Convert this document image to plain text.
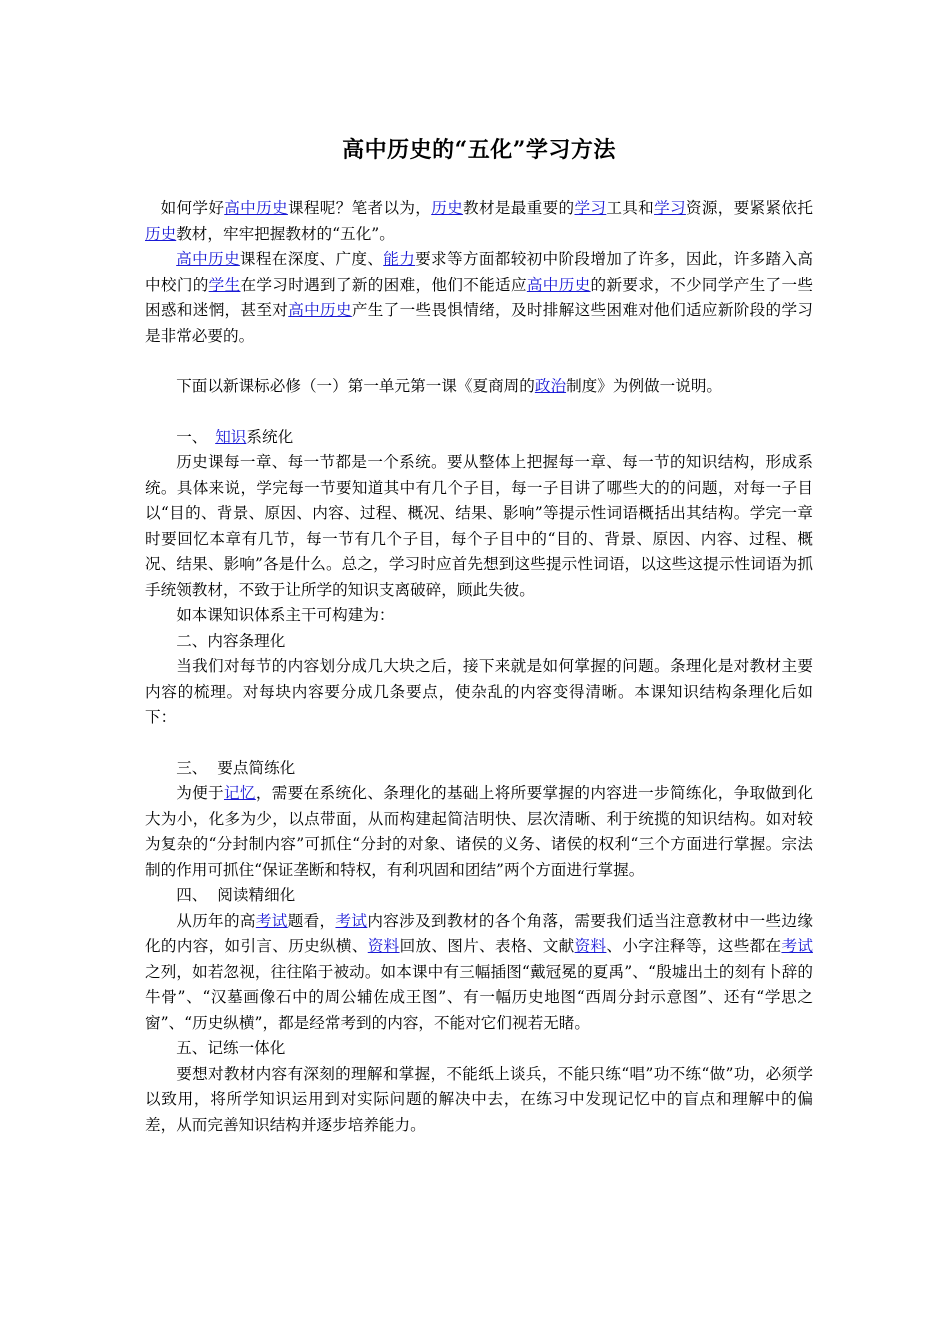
高中历史的“五化”学习方法

如何学好高中历史课程呢？笔者以为，历史教材是最重要的学习工具和学习资源，要紧紧依托历史教材，牢牢把握教材的“五化”。

高中历史课程在深度、广度、能力要求等方面都较初中阶段增加了许多，因此，许多踏入高中校门的学生在学习时遇到了新的困难，他们不能适应高中历史的新要求，不少同学产生了一些困惑和迷惘，甚至对高中历史产生了一些畏惧情绪，及时排解这些困难对他们适应新阶段的学习是非常必要的。

下面以新课标必修（一）第一单元第一课《夏商周的政治制度》为例做一说明。

一、　 知识系统化

历史课每一章、每一节都是一个系统。要从整体上把握每一章、每一节的知识结构，形成系统。具体来说，学完每一节要知道其中有几个子目，每一子目讲了哪些大的的问题，对每一子目以“目的、背景、原因、内容、过程、概况、结果、影响”等提示性词语概括出其结构。学完一章时要回忆本章有几节，每一节有几个子目，每个子目中的“目的、背景、原因、内容、过程、概况、结果、影响”各是什么。总之，学习时应首先想到这些提示性词语，以这些这提示性词语为抓手统领教材，不致于让所学的知识支离破碎，顾此失彼。

如本课知识体系主干可构建为：

二、内容条理化

当我们对每节的内容划分成几大块之后，接下来就是如何掌握的问题。条理化是对教材主要内容的梳理。对每块内容要分成几条要点，使杂乱的内容变得清晰。本课知识结构条理化后如下：

三、  要点简练化

为便于记忆，需要在系统化、条理化的基础上将所要掌握的内容进一步简练化，争取做到化大为小，化多为少，以点带面，从而构建起简洁明快、层次清晰、利于统揽的知识结构。如对较为复杂的“分封制内容”可抓住“分封的对象、诸侯的义务、诸侯的权利“三个方面进行掌握。宗法制的作用可抓住“保证垄断和特权，有利巩固和团结”两个方面进行掌握。

四、  阅读精细化

从历年的高考试题看，考试内容涉及到教材的各个角落，需要我们适当注意教材中一些边缘化的内容，如引言、历史纵横、资料回放、图片、表格、文献资料、小字注释等，这些都在考试之列，如若忽视，往往陷于被动。如本课中有三幅插图“戴冠冕的夏禹”、“殷墟出土的刻有卜辞的牛骨”、“汉墓画像石中的周公辅佐成王图”、有一幅历史地图“西周分封示意图”、还有“学思之窗”、“历史纵横”，都是经常考到的内容，不能对它们视若无睹。

五、记练一体化

要想对教材内容有深刻的理解和掌握，不能纸上谈兵，不能只练“唱”功不练“做”功，必须学以致用，将所学知识运用到对实际问题的解决中去，在练习中发现记忆中的盲点和理解中的偏差，从而完善知识结构并逐步培养能力。
